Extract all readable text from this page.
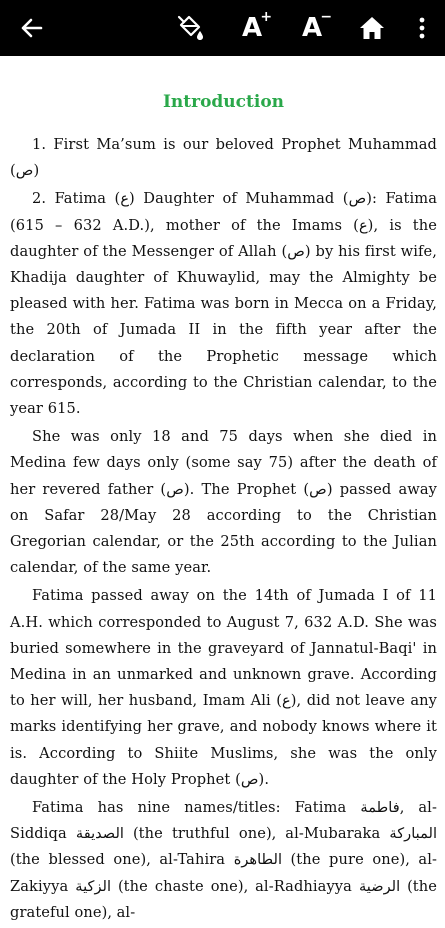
A
+ A
−
Introduction

1. First Ma’sum is our beloved Prophet Muhammad (ص)

2. Fatima (ع) Daughter of Muhammad (ص): Fatima (615 – 632 A.D.), mother of the Imams (ع), is the daughter of the Messenger of Allah (ص) by his first wife, Khadija daughter of Khuwaylid, may the Almighty be pleased with her. Fatima was born in Mecca on a Friday, the 20th of Jumada II in the fifth year after the declaration of the Prophetic message which corresponds, according to the Christian calendar, to the year 615.

She was only 18 and 75 days when she died in Medina few days only (some say 75) after the death of her revered father (ص). The Prophet (ص) passed away on Safar 28/May 28 according to the Christian Gregorian calendar, or the 25th according to the Julian calendar, of the same year.

Fatima passed away on the 14th of Jumada I of 11 A.H. which corresponded to August 7, 632 A.D. She was buried somewhere in the graveyard of Jannatul-Baqi' in Medina in an unmarked and unknown grave. According to her will, her husband, Imam Ali (ع), did not leave any marks identifying her grave, and nobody knows where it is. According to Shiite Muslims, she was the only daughter of the Holy Prophet (ص).

Fatima has nine names/titles: Fatima فاطمة, al-Siddiqa الصديقة (the truthful one), al-Mubaraka المباركة (the blessed one), al-Tahira الطاهرة (the pure one), al-Zakiyya الزكية (the chaste one), al-Radhiayya الرضية (the grateful one), al-
